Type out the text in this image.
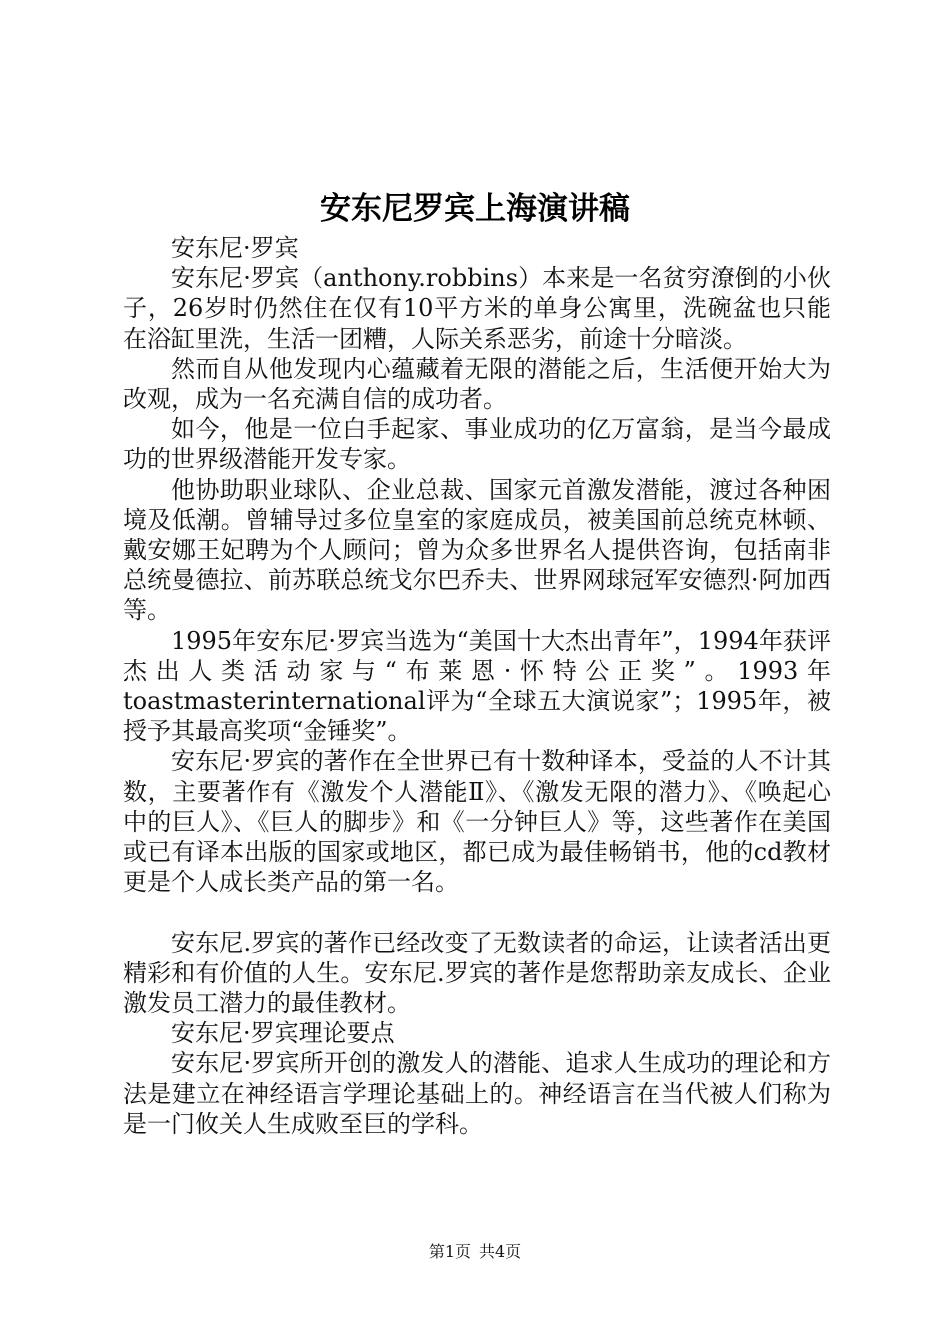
安东尼罗宾上海演讲稿

安东尼·罗宾

安东尼·罗宾（anthony.robbins）本来是一名贫穷潦倒的小伙子，26岁时仍然住在仅有10平方米的单身公寓里，洗碗盆也只能在浴缸里洗，生活一团糟，人际关系恶劣，前途十分暗淡。

然而自从他发现内心蕴藏着无限的潜能之后，生活便开始大为改观，成为一名充满自信的成功者。

如今，他是一位白手起家、事业成功的亿万富翁，是当今最成功的世界级潜能开发专家。

他协助职业球队、企业总裁、国家元首激发潜能，渡过各种困境及低潮。曾辅导过多位皇室的家庭成员，被美国前总统克林顿、戴安娜王妃聘为个人顾问；曾为众多世界名人提供咨询，包括南非总统曼德拉、前苏联总统戈尔巴乔夫、世界网球冠军安德烈·阿加西等。

1995年安东尼·罗宾当选为“美国十大杰出青年”，1994年获评杰出人类活动家与“布莱恩·怀特公正奖”。1993年toastmasterinternational评为“全球五大演说家”；1995年，被授予其最高奖项“金锤奖”。

安东尼·罗宾的著作在全世界已有十数种译本，受益的人不计其数，主要著作有《激发个人潜能Ⅱ》、《激发无限的潜力》、《唤起心中的巨人》、《巨人的脚步》和《一分钟巨人》等，这些著作在美国或已有译本出版的国家或地区，都已成为最佳畅销书，他的cd教材更是个人成长类产品的第一名。

安东尼.罗宾的著作已经改变了无数读者的命运，让读者活出更精彩和有价值的人生。安东尼.罗宾的著作是您帮助亲友成长、企业激发员工潜力的最佳教材。

安东尼·罗宾理论要点

安东尼·罗宾所开创的激发人的潜能、追求人生成功的理论和方法是建立在神经语言学理论基础上的。神经语言在当代被人们称为是一门攸关人生成败至巨的学科。

第1页 共4页
